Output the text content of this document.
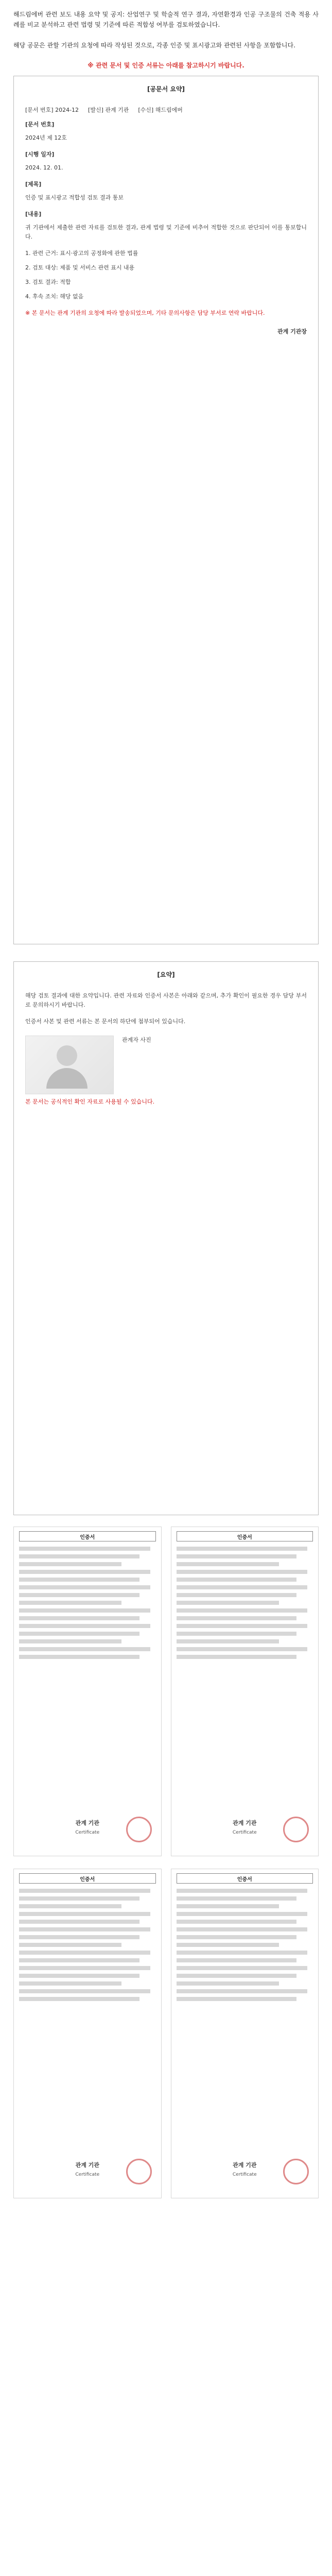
해드림에버 관련 보도 내용 요약 및 공지: 산업연구 및 학술적 연구 결과, 자연환경과 인공 구조물의 건축 적용 사례를 비교 분석하고 관련 법령 및 기준에 따른 적합성 여부를 검토하였습니다.

해당 공문은 관할 기관의 요청에 따라 작성된 것으로, 각종 인증 및 표시광고와 관련된 사항을 포함합니다.

※ 관련 문서 및 인증 서류는 아래를 참고하시기 바랍니다.
[공문서 요약]
[문서 번호] 2024-12 [발신] 관계 기관 [수신] 해드림에버
[문서 번호]

2024년 제 12호

[시행 일자]

2024. 12. 01.

[제목]

인증 및 표시광고 적합성 검토 결과 통보

[내용]

귀 기관에서 제출한 관련 자료를 검토한 결과, 관계 법령 및 기준에 비추어 적합한 것으로 판단되어 이를 통보합니다.

1. 관련 근거: 표시·광고의 공정화에 관한 법률
2. 검토 대상: 제품 및 서비스 관련 표시 내용
3. 검토 결과: 적합
4. 후속 조치: 해당 없음
※ 본 문서는 관계 기관의 요청에 따라 발송되었으며, 기타 문의사항은 담당 부서로 연락 바랍니다.
관계 기관장
[요약]

해당 검토 결과에 대한 요약입니다. 관련 자료와 인증서 사본은 아래와 같으며, 추가 확인이 필요한 경우 담당 부서로 문의하시기 바랍니다.

인증서 사본 및 관련 서류는 본 문서의 하단에 첨부되어 있습니다.

관계자 사진

본 문서는 공식적인 확인 자료로 사용될 수 있습니다.

인증서
관계 기관
Certificate
인증서
관계 기관
Certificate
인증서
관계 기관
Certificate
인증서
관계 기관
Certificate
